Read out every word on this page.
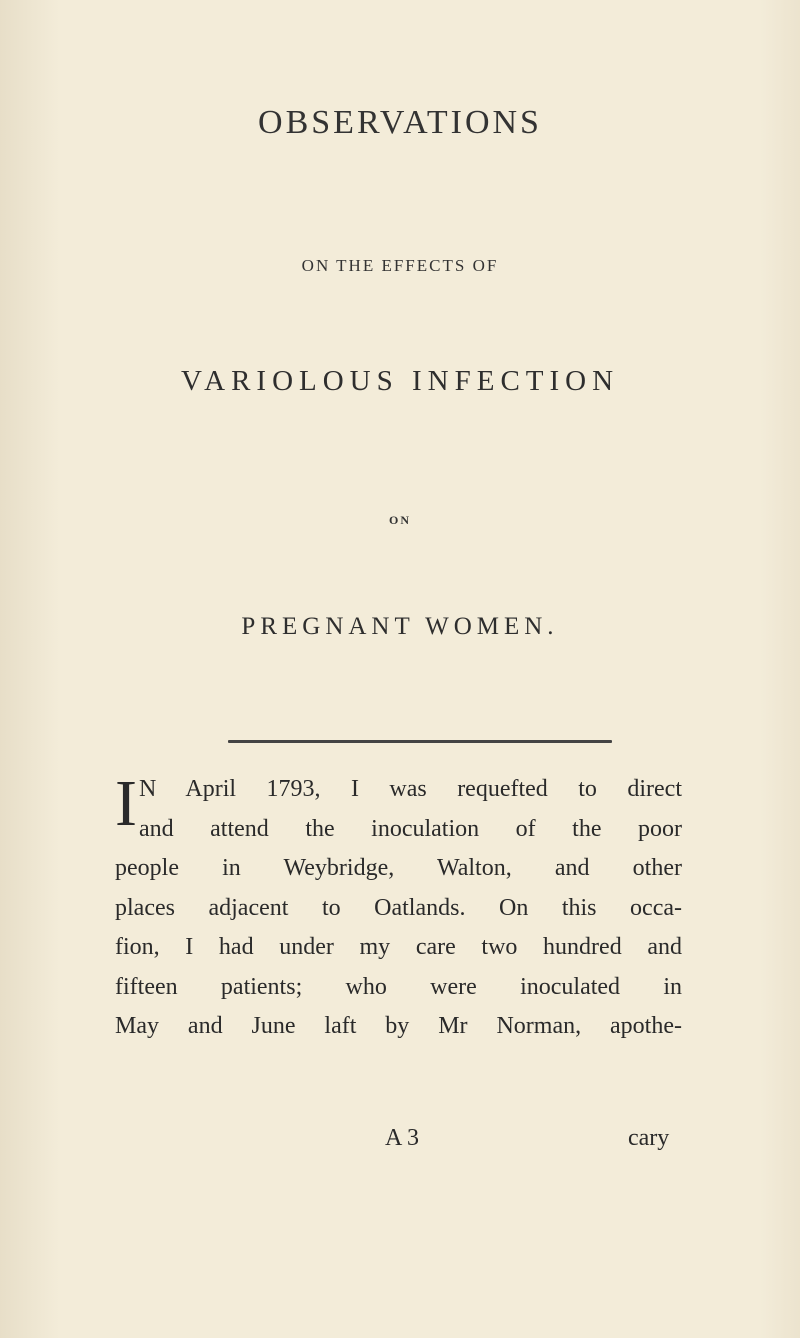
OBSERVATIONS
ON THE EFFECTS OF
VARIOLOUS INFECTION
ON
PREGNANT WOMEN.
I N April 1793, I was requefted to direct
and attend the inoculation of the poor
people in Weybridge, Walton, and other
places adjacent to Oatlands. On this occa-
fion, I had under my care two hundred and
fifteen patients; who were inoculated in
May and June laft by Mr Norman, apothe-
A 3	cary
